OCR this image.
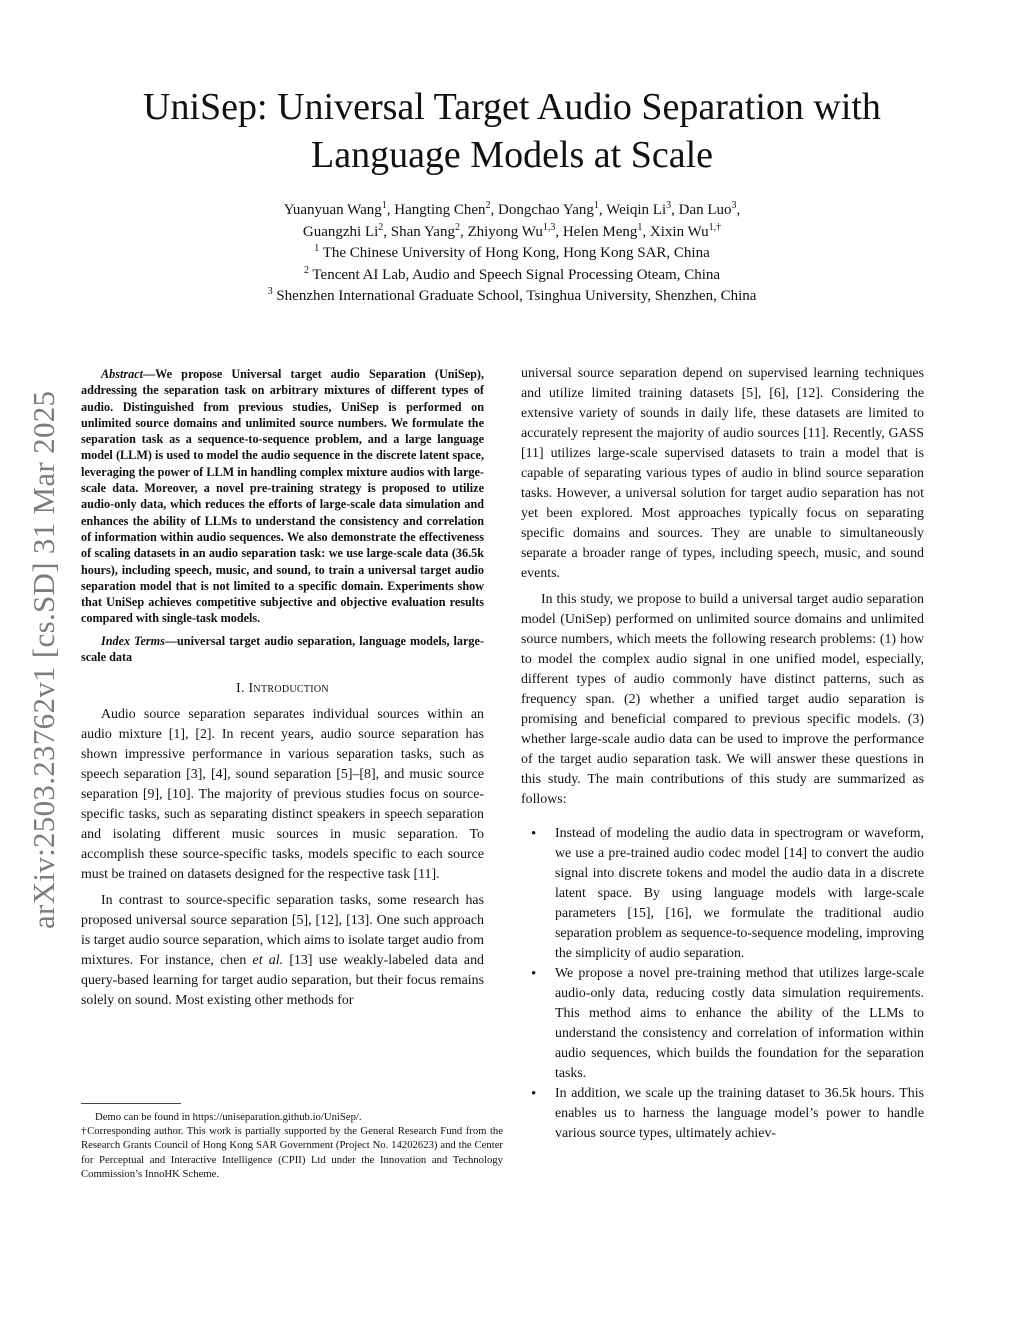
arXiv:2503.23762v1 [cs.SD] 31 Mar 2025
UniSep: Universal Target Audio Separation with Language Models at Scale
Yuanyuan Wang$^1$, Hangting Chen$^2$, Dongchao Yang$^1$, Weiqin Li$^3$, Dan Luo$^3$,
Guangzhi Li$^2$, Shan Yang$^2$, Zhiyong Wu$^{1,3}$, Helen Meng$^1$, Xixin $Wu^{1,\dagger}$
$^1$ The Chinese University of Hong Kong, Hong Kong SAR, China
$^2$ Tencent AI Lab, Audio and Speech Signal Processing Oteam, China
$^3$ Shenzhen International Graduate School, Tsinghua University, Shenzhen, China

Abstract—We propose Universal target audio Separation (UniSep), addressing the separation task on arbitrary mixtures of different types of audio. Distinguished from previous studies, UniSep is performed on unlimited source domains and unlimited source numbers. We formulate the separation task as a sequence-to-sequence problem, and a large language model (LLM) is used to model the audio sequence in the discrete latent space, leveraging the power of LLM in handling complex mixture audios with large-scale data. Moreover, a novel pre-training strategy is proposed to utilize audio-only data, which reduces the efforts of large-scale data simulation and enhances the ability of LLMs to understand the consistency and correlation of information within audio sequences. We also demonstrate the effectiveness of scaling datasets in an audio separation task: we use large-scale data (36.5k hours), including speech, music, and sound, to train a universal target audio separation model that is not limited to a specific domain. Experiments show that UniSep achieves competitive subjective and objective evaluation results compared with single-task models.

Index Terms—universal target audio separation, language models, large-scale data

I. Introduction

Audio source separation separates individual sources within an audio mixture [1], [2]. In recent years, audio source separation has shown impressive performance in various separation tasks, such as speech separation [3], [4], sound separation [5]–[8], and music source separation [9], [10]. The majority of previous studies focus on source-specific tasks, such as separating distinct speakers in speech separation and isolating different music sources in music separation. To accomplish these source-specific tasks, models specific to each source must be trained on datasets designed for the respective task [11].

In contrast to source-specific separation tasks, some research has proposed universal source separation [5], [12], [13]. One such approach is target audio source separation, which aims to isolate target audio from mixtures. For instance, chen et al. [13] use weakly-labeled data and query-based learning for target audio separation, but their focus remains solely on sound. Most existing other methods for

Demo can be found in https://uniseparation.github.io/UniSep/.

†Corresponding author. This work is partially supported by the General Research Fund from the Research Grants Council of Hong Kong SAR Government (Project No. 14202623) and the Center for Perceptual and Interactive Intelligence (CPII) Ltd under the Innovation and Technology Commission’s InnoHK Scheme.

universal source separation depend on supervised learning techniques and utilize limited training datasets [5], [6], [12]. Considering the extensive variety of sounds in daily life, these datasets are limited to accurately represent the majority of audio sources [11]. Recently, GASS [11] utilizes large-scale supervised datasets to train a model that is capable of separating various types of audio in blind source separation tasks. However, a universal solution for target audio separation has not yet been explored. Most approaches typically focus on separating specific domains and sources. They are unable to simultaneously separate a broader range of types, including speech, music, and sound events.

In this study, we propose to build a universal target audio separation model (UniSep) performed on unlimited source domains and unlimited source numbers, which meets the following research problems: (1) how to model the complex audio signal in one unified model, especially, different types of audio commonly have distinct patterns, such as frequency span. (2) whether a unified target audio separation is promising and beneficial compared to previous specific models. (3) whether large-scale audio data can be used to improve the performance of the target audio separation task. We will answer these questions in this study. The main contributions of this study are summarized as follows:

• Instead of modeling the audio data in spectrogram or waveform, we use a pre-trained audio codec model [14] to convert the audio signal into discrete tokens and model the audio data in a discrete latent space. By using language models with large-scale parameters [15], [16], we formulate the traditional audio separation problem as sequence-to-sequence modeling, improving the simplicity of audio separation.
• We propose a novel pre-training method that utilizes large-scale audio-only data, reducing costly data simulation requirements. This method aims to enhance the ability of the LLMs to understand the consistency and correlation of information within audio sequences, which builds the foundation for the separation tasks.
• In addition, we scale up the training dataset to 36.5k hours. This enables us to harness the language model’s power to handle various source types, ultimately achiev-
